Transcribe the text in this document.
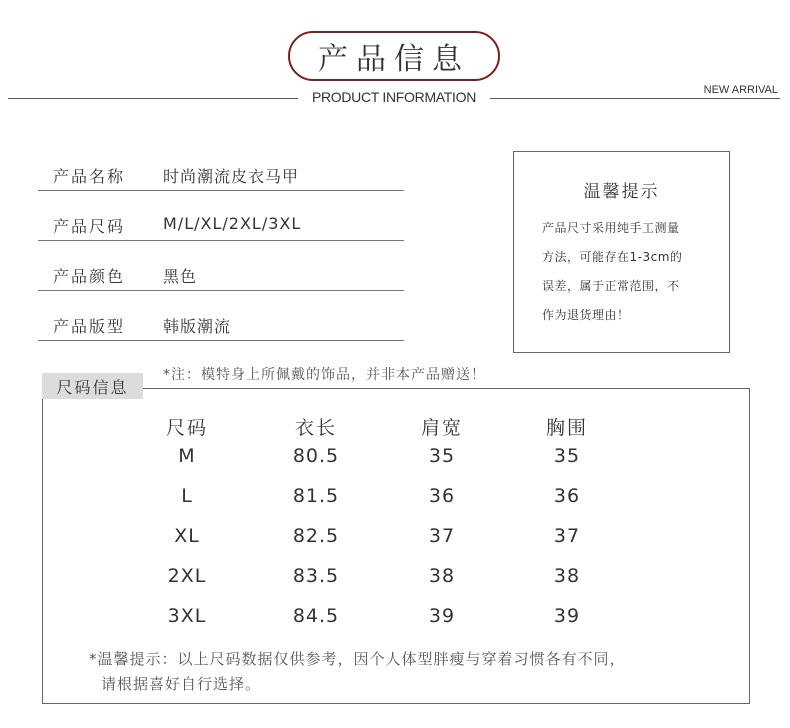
产品信息
PRODUCT INFORMATION	NEW ARRIVAL
产品名称 时尚潮流皮衣马甲
产品尺码 M/L/XL/2XL/3XL
产品颜色 黑色
产品版型 韩版潮流
温馨提示
产品尺寸采用纯手工测量
方法，可能存在1-3cm的
误差，属于正常范围，不
作为退货理由！
*注：模特身上所佩戴的饰品，并非本产品赠送！
尺码	衣长	肩宽	胸围
M	80.5	35	35
L	81.5	36	36
XL	82.5	37	37
2XL	83.5	38	38
3XL	84.5	39	39
*温馨提示：以上尺码数据仅供参考，因个人体型胖瘦与穿着习惯各有不同，
请根据喜好自行选择。
尺码信息
